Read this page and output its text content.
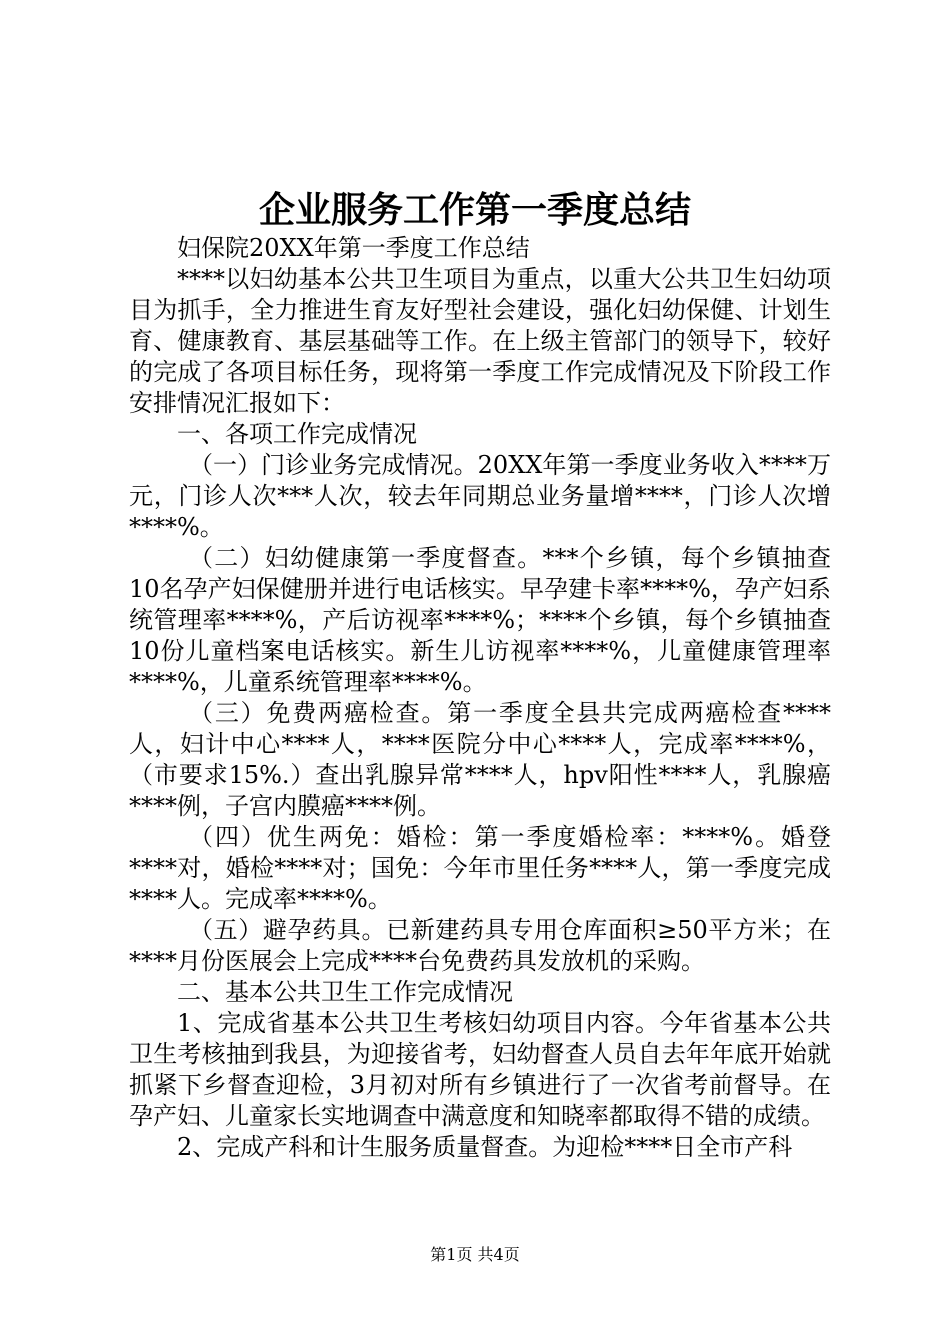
企业服务工作第一季度总结

妇保院20XX年第一季度工作总结

****以妇幼基本公共卫生项目为重点，以重大公共卫生妇幼项目为抓手，全力推进生育友好型社会建设，强化妇幼保健、计划生育、健康教育、基层基础等工作。在上级主管部门的领导下，较好的完成了各项目标任务，现将第一季度工作完成情况及下阶段工作安排情况汇报如下：

一、各项工作完成情况

（一）门诊业务完成情况。20XX年第一季度业务收入****万元，门诊人次***人次，较去年同期总业务量增****，门诊人次增****%。

（二）妇幼健康第一季度督查。***个乡镇，每个乡镇抽查10名孕产妇保健册并进行电话核实。早孕建卡率****%，孕产妇系统管理率****%，产后访视率****%；****个乡镇，每个乡镇抽查10份儿童档案电话核实。新生儿访视率****%，儿童健康管理率****%，儿童系统管理率****%。

（三）免费两癌检查。第一季度全县共完成两癌检查****人，妇计中心****人，****医院分中心****人，完成率****%，（市要求15%.）查出乳腺异常****人，hpv阳性****人，乳腺癌****例，子宫内膜癌****例。

（四）优生两免：婚检：第一季度婚检率：****%。婚登****对，婚检****对；国免：今年市里任务****人，第一季度完成****人。完成率****%。

（五）避孕药具。已新建药具专用仓库面积≥50平方米；在****月份医展会上完成****台免费药具发放机的采购。

二、基本公共卫生工作完成情况

1、完成省基本公共卫生考核妇幼项目内容。今年省基本公共卫生考核抽到我县，为迎接省考，妇幼督查人员自去年年底开始就抓紧下乡督查迎检，3月初对所有乡镇进行了一次省考前督导。在孕产妇、儿童家长实地调查中满意度和知晓率都取得不错的成绩。

2、完成产科和计生服务质量督查。为迎检****日全市产科

第1页 共4页
